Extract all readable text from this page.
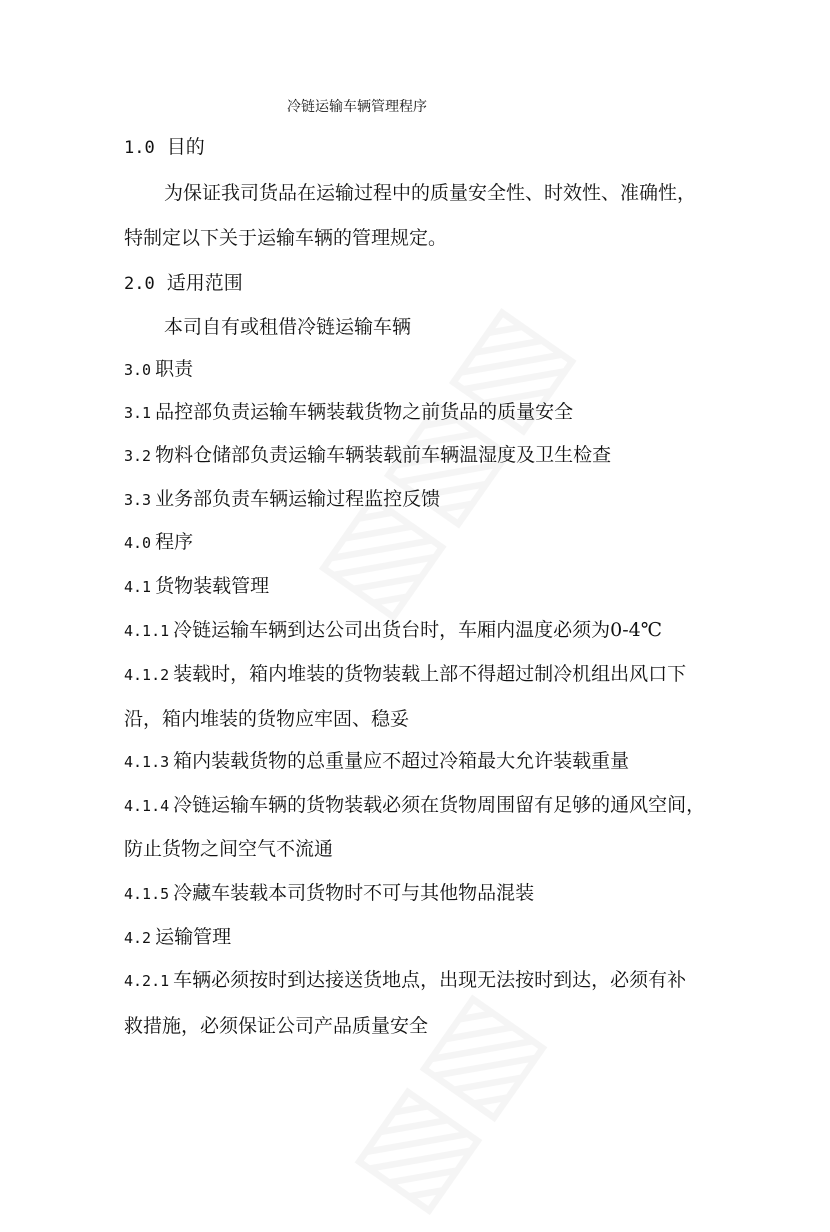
冷链运输车辆管理程序
1.0 目的
为保证我司货品在运输过程中的质量安全性、时效性、准确性，
特制定以下关于运输车辆的管理规定。
2.0 适用范围
本司自有或租借冷链运输车辆
3.0 职责
3.1 品控部负责运输车辆装载货物之前货品的质量安全
3.2 物料仓储部负责运输车辆装载前车辆温湿度及卫生检查
3.3 业务部负责车辆运输过程监控反馈
4.0 程序
4.1 货物装载管理
4.1.1 冷链运输车辆到达公司出货台时，车厢内温度必须为0-4℃
4.1.2 装载时，箱内堆装的货物装载上部不得超过制冷机组出风口下
沿，箱内堆装的货物应牢固、稳妥
4.1.3 箱内装载货物的总重量应不超过冷箱最大允许装载重量
4.1.4 冷链运输车辆的货物装载必须在货物周围留有足够的通风空间，
防止货物之间空气不流通
4.1.5 冷藏车装载本司货物时不可与其他物品混装
4.2 运输管理
4.2.1 车辆必须按时到达接送货地点，出现无法按时到达，必须有补
救措施，必须保证公司产品质量安全
